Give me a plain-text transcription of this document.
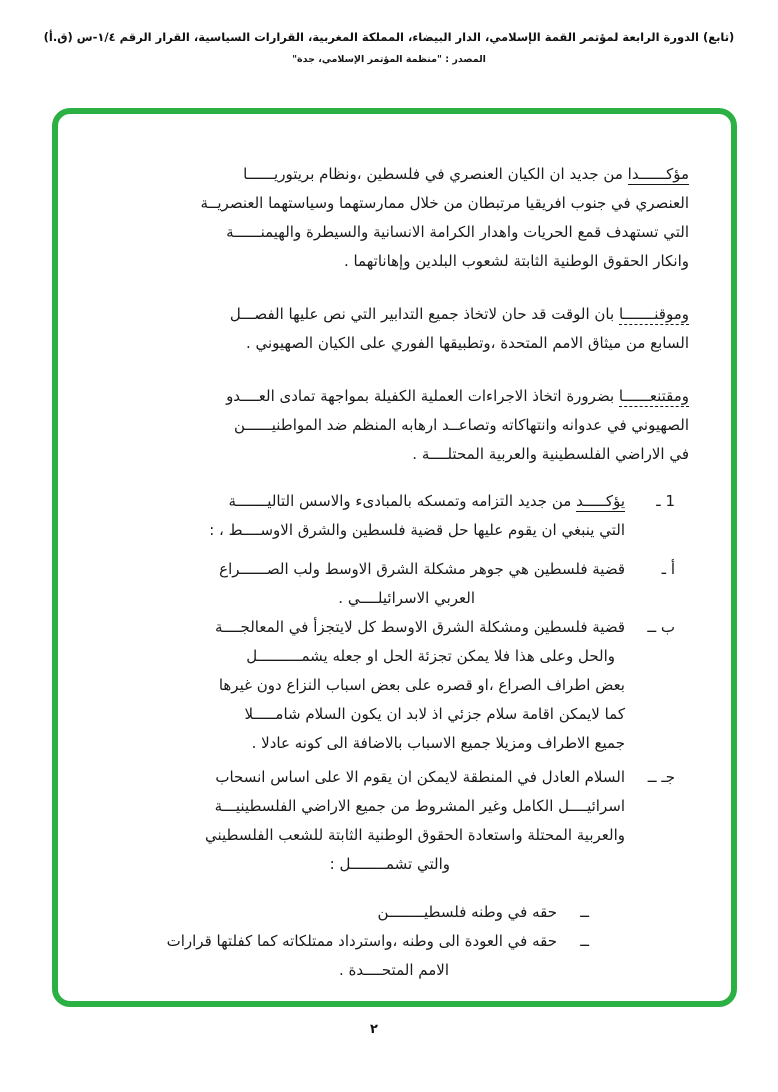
(تابع) الدورة الرابعة لمؤتمر القمة الإسلامي، الدار البيضاء، المملكة المغربية، القرارات السياسية، القرار الرقم ١/٤-س (ق.أ)
المصدر : "منظمة المؤتمر الإسلامي، جدة"
مؤكــــــدا من جديد ان الكيان العنصري في فلسطين ،ونظام بريتوريــــــا
العنصري في جنوب افريقيا مرتبطان من خلال ممارستهما وسياستهما العنصريــة
التي تستهدف قمع الحريات واهدار الكرامة الانسانية والسيطرة والهيمنــــــة
وانكار الحقوق الوطنية الثابتة لشعوب البلدين وإهاناتهما .
وموقنـــــــا بان الوقت قد حان لاتخاذ جميع التدابير التي نص عليها الفصـــل
السابع من ميثاق الامم المتحدة ،وتطبيقها الفوري على الكيان الصهيوني .
ومقتنعــــــا بضرورة اتخاذ الاجراءات العملية الكفيلة بمواجهة تمادى العــــدو
الصهيوني في عدوانه وانتهاكاته وتصاعــد ارهابه المنظم ضد المواطنيــــــن
في الاراضي الفلسطينية والعربية المحتلــــة .
1 ـيؤكـــــد من جديد التزامه وتمسكه بالمبادىء والاسس التاليـــــــة
التي ينبغي ان يقوم عليها حل قضية فلسطين والشرق الاوســــط ، :
أ ـقضية فلسطين هي جوهر مشكلة الشرق الاوسط ولب الصــــــراع
العربي الاسرائيلــــي .
ب ــقضية فلسطين ومشكلة الشرق الاوسط كل لايتجزأ في المعالجــــة
والحل وعلى هذا فلا يمكن تجزئة الحل او جعله يشمــــــــــل
بعض اطراف الصراع ،او قصره على بعض اسباب النزاع دون غيرها
كما لايمكن اقامة سلام جزئي اذ لابد ان يكون السلام شامـــــلا
جميع الاطراف ومزيلا جميع الاسباب بالاضافة الى كونه عادلا .
جـ ــالسلام العادل في المنطقة لايمكن ان يقوم الا على اساس انسحاب
اسرائيــــل الكامل وغير المشروط من جميع الاراضي الفلسطينيـــة
والعربية المحتلة واستعادة الحقوق الوطنية الثابتة للشعب الفلسطيني
والتي تشمــــــــل :
ــحقه في وطنه فلسطيــــــــن
ــحقه في العودة الى وطنه ،واسترداد ممتلكاته كما كفلتها قرارات
الامم المتحــــدة .
٢
